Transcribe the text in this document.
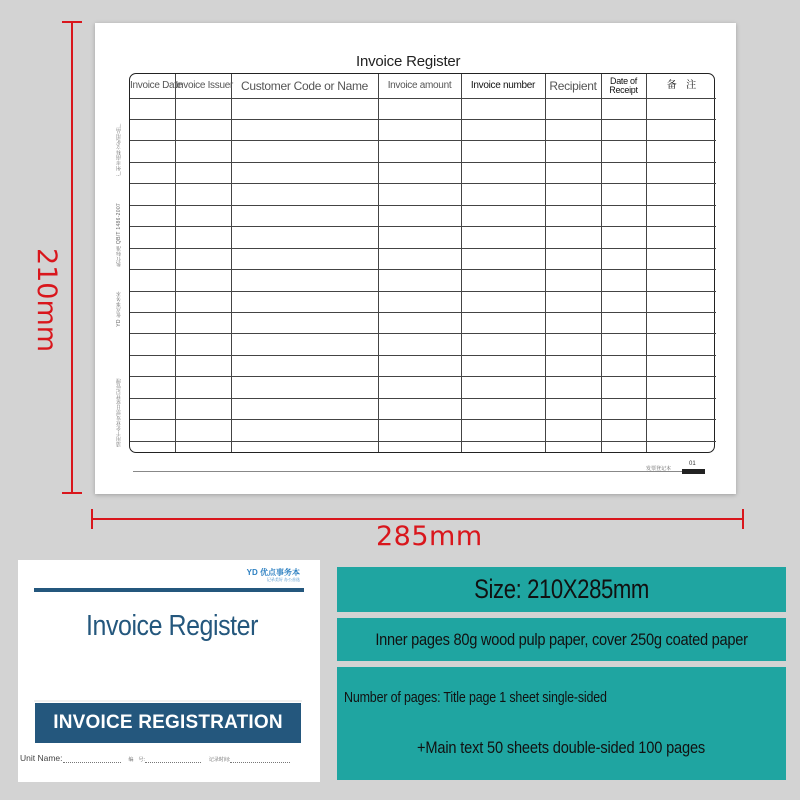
210mm
285mm
Invoice Register
广州市南科文化用品厂
执行标准 QB/T 1486-2007
YD 优点事务本
适用于企业发票日常登记管理
Invoice Date	Invoice Issuer	Customer Code or Name	Invoice amount	Invoice number	Recipient	Date of Receipt	备　注

发票登记本
01
YD 优点事务本
记录美好 办公首选
Invoice Register
INVOICE REGISTRATION
Unit Name:	编　号:	记录时间:
Size: 210X285mm
Inner pages 80g wood pulp paper, cover 250g coated paper
Number of pages: Title page 1 sheet single-sided
+Main text 50 sheets double-sided 100 pages
